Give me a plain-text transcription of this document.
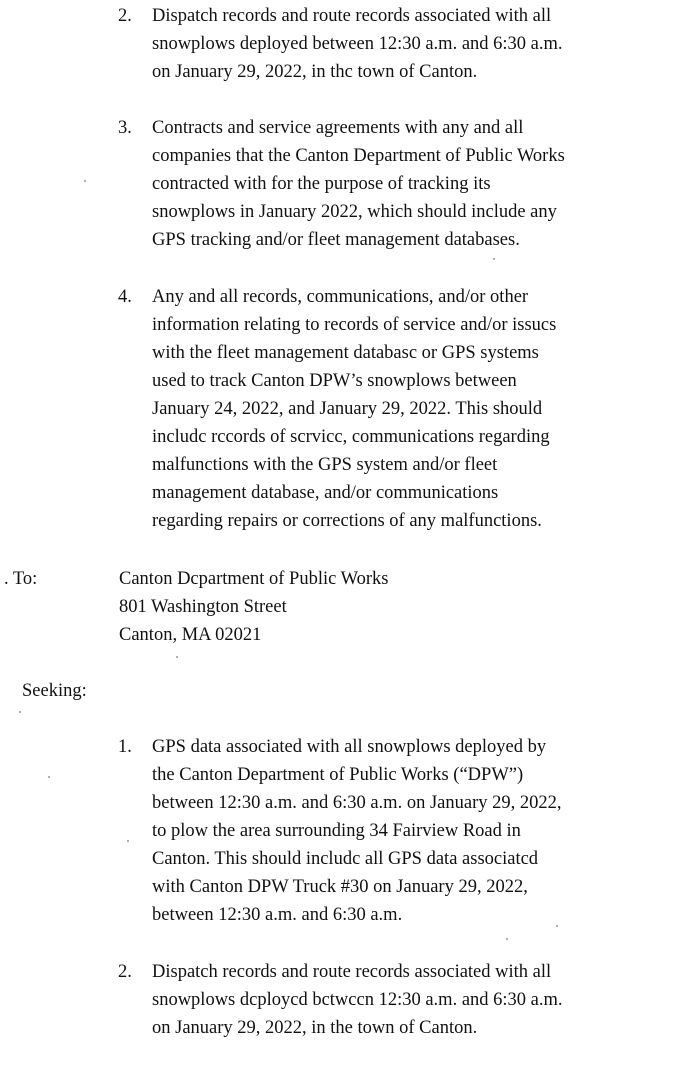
2. Dispatch records and route records associated with all
snowplows deployed between 12:30 a.m. and 6:30 a.m.
on January 29, 2022, in thc town of Canton.
3. Contracts and service agreements with any and all
companies that the Canton Department of Public Works
contracted with for the purpose of tracking its
snowplows in January 2022, which should include any
GPS tracking and/or fleet management databases.
4. Any and all records, communications, and/or other
information relating to records of service and/or issucs
with the fleet management databasc or GPS systems
used to track Canton DPW’s snowplows between
January 24, 2022, and January 29, 2022. This should
includc rccords of scrvicc, communications regarding
malfunctions with the GPS system and/or fleet
management database, and/or communications
regarding repairs or corrections of any malfunctions.
. To:	Canton Dcpartment of Public Works
801 Washington Street
Canton, MA 02021
Seeking:
1. GPS data associated with all snowplows deployed by
the Canton Department of Public Works (“DPW”)
between 12:30 a.m. and 6:30 a.m. on January 29, 2022,
to plow the area surrounding 34 Fairview Road in
Canton. This should includc all GPS data associatcd
with Canton DPW Truck #30 on January 29, 2022,
between 12:30 a.m. and 6:30 a.m.
2. Dispatch records and route records associated with all
snowplows dcploycd bctwccn 12:30 a.m. and 6:30 a.m.
on January 29, 2022, in the town of Canton.
